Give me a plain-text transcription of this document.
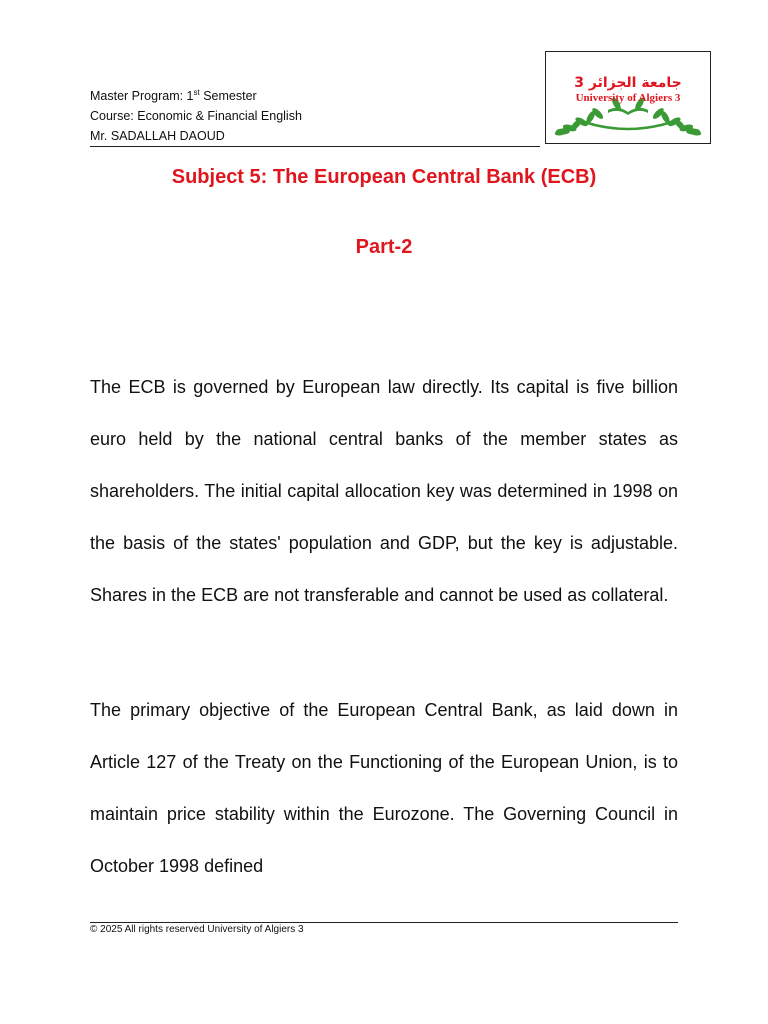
Master Program: 1st Semester
Course: Economic & Financial English
Mr. SADALLAH DAOUD
جامعة الجزائر 3
University of Algiers 3
Subject 5: The European Central Bank (ECB)
Part-2
The ECB is governed by European law directly. Its capital is five billion euro held by the national central banks of the member states as shareholders. The initial capital allocation key was determined in 1998 on the basis of the states' population and GDP, but the key is adjustable. Shares in the ECB are not transferable and cannot be used as collateral.
The primary objective of the European Central Bank, as laid down in Article 127 of the Treaty on the Functioning of the European Union, is to maintain price stability within the Eurozone. The Governing Council in October 1998 defined
© 2025 All rights reserved University of Algiers 3
